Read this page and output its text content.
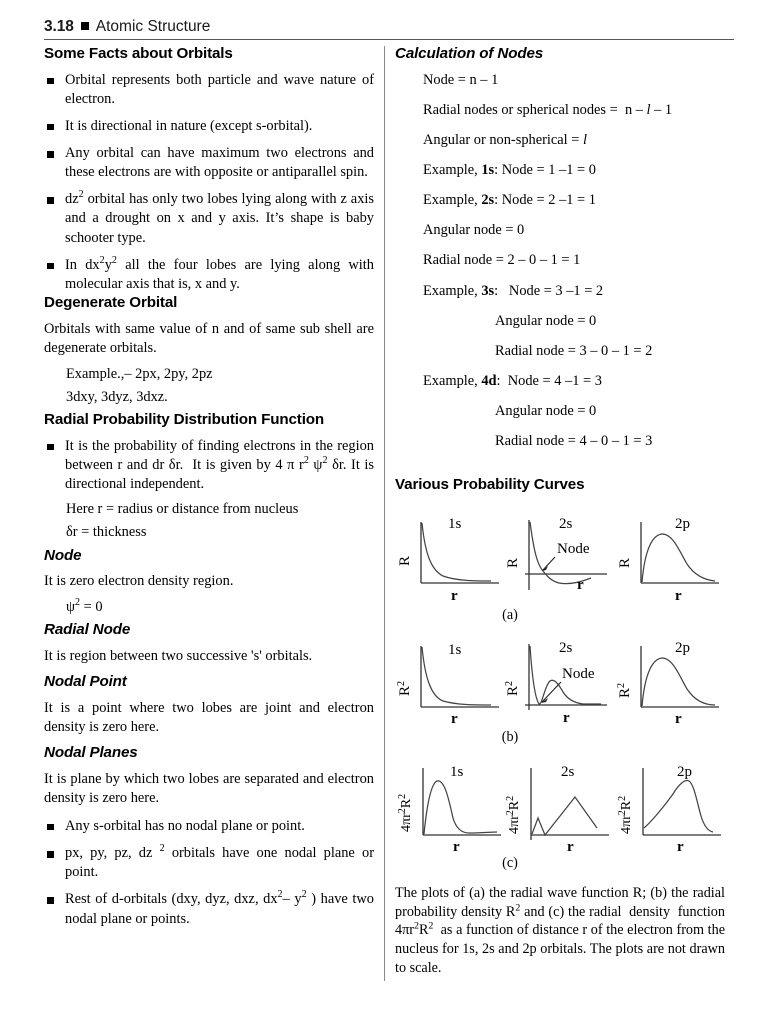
3.18 Atomic Structure
Some Facts about Orbitals
Orbital represents both particle and wave nature of electron.
It is directional in nature (except s-orbital).
Any orbital can have maximum two electrons and these electrons are with opposite or antiparallel spin.
$dz^2$ orbital has only two lobes lying along with z axis and a drought on x and y axis. It’s shape is baby schooter type.
In $dx^2y^2$ all the four lobes are lying along with molecular axis that is, x and y.
Degenerate Orbital

Orbitals with same value of n and of same sub shell are degenerate orbitals.

Example.,– 2px, 2py, 2pz
3dxy, 3dyz, 3dxz.
Radial Probability Distribution Function
It is the probability of finding electrons in the region between r and dr δr.  It is given by 4 π $r^2$ $\psi^2$ δr. It is directional independent.
Here r = radius or distance from nucleus
δr = thickness
Node

It is zero electron density region.

$\psi^2 = 0$
Radial Node

It is region between two successive 's' orbitals.

Nodal Point

It is a point where two lobes are joint and electron density is zero here.

Nodal Planes

It is plane by which two lobes are separated and electron density is zero here.

Any s-orbital has no nodal plane or point.
px, py, pz, dz $^2$ orbitals have one nodal plane or point.
Rest of d-orbitals (dxy, dyz, dxz, $dx^2-$ $y^2$ ) have two nodal plane or points.
Calculation of Nodes
Node = n – 1
Radial nodes or spherical nodes =  n – l – 1
Angular or non-spherical = l
Example, 1s: Node = 1 –1 = 0
Example, 2s: Node = 2 –1 = 1
Angular node = 0
Radial node = 2 – 0 – 1 = 1
Example, 3s:   Node = 3 –1 = 2
Angular node = 0
Radial node = 3 – 0 – 1 = 2
Example, 4d:  Node = 4 –1 = 3
Angular node = 0
Radial node = 4 – 0 – 1 = 3
Various Probability Curves
1s
R
r
2s
R
Node
r
2p
R
r
(a)
1s
$R^2$
r
2s
$R^2$
Node
r
2p
$R^2$
r
(b)
1s
$4\pi r^2R^2$
r
2s
$4\pi r^2R^2$
r
2p
$4\pi r^2R^2$
r
(c)
The plots of (a) the radial wave function R; (b) the radial probability density $R^2$ and (c) the radial  density  function $4\pi r^2R^2$  as a function of distance r of the electron from the nucleus for 1s, 2s and 2p orbitals. The plots are not drawn to scale.
